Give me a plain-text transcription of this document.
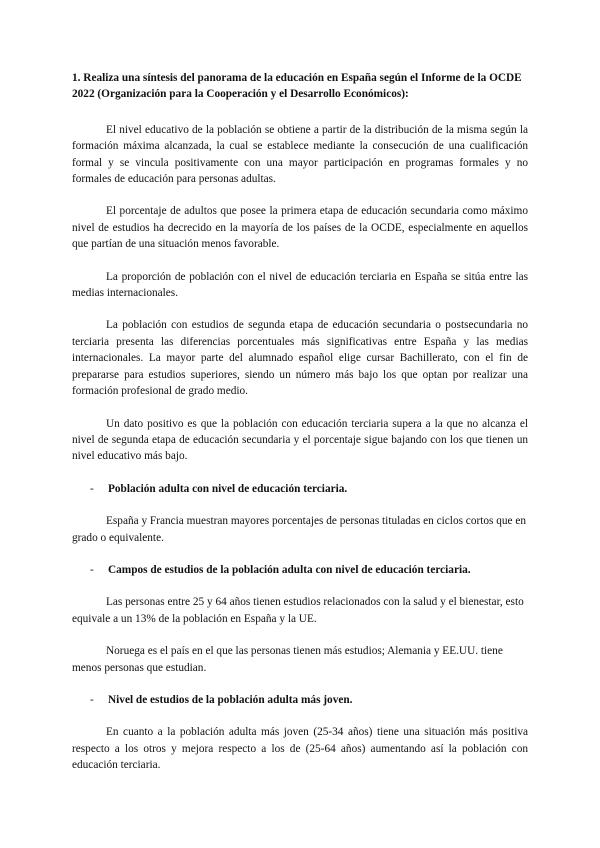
1. Realiza una síntesis del panorama de la educación en España según el Informe de la OCDE 2022 (Organización para la Cooperación y el Desarrollo Económicos):

El nivel educativo de la población se obtiene a partir de la distribución de la misma según la formación máxima alcanzada, la cual se establece mediante la consecución de una cualificación formal y se vincula positivamente con una mayor participación en programas formales y no formales de educación para personas adultas.

El porcentaje de adultos que posee la primera etapa de educación secundaria como máximo nivel de estudios ha decrecido en la mayoría de los países de la OCDE, especialmente en aquellos que partían de una situación menos favorable.

La proporción de población con el nivel de educación terciaria en España se sitúa entre las medias internacionales.

La población con estudios de segunda etapa de educación secundaria o postsecundaria no terciaria presenta las diferencias porcentuales más significativas entre España y las medias internacionales. La mayor parte del alumnado español elige cursar Bachillerato, con el fin de prepararse para estudios superiores, siendo un número más bajo los que optan por realizar una formación profesional de grado medio.

Un dato positivo es que la población con educación terciaria supera a la que no alcanza el nivel de segunda etapa de educación secundaria y el porcentaje sigue bajando con los que tienen un nivel educativo más bajo.

- Población adulta con nivel de educación terciaria.

España y Francia muestran mayores porcentajes de personas tituladas en ciclos cortos que en grado o equivalente.

- Campos de estudios de la población adulta con nivel de educación terciaria.

Las personas entre 25 y 64 años tienen estudios relacionados con la salud y el bienestar, esto equivale a un 13% de la población en España y la UE.

Noruega es el país en el que las personas tienen más estudios; Alemania y EE.UU. tiene menos personas que estudian.

- Nivel de estudios de la población adulta más joven.

En cuanto a la población adulta más joven (25-34 años) tiene una situación más positiva respecto a los otros y mejora respecto a los de (25-64 años) aumentando así la población con educación terciaria.
